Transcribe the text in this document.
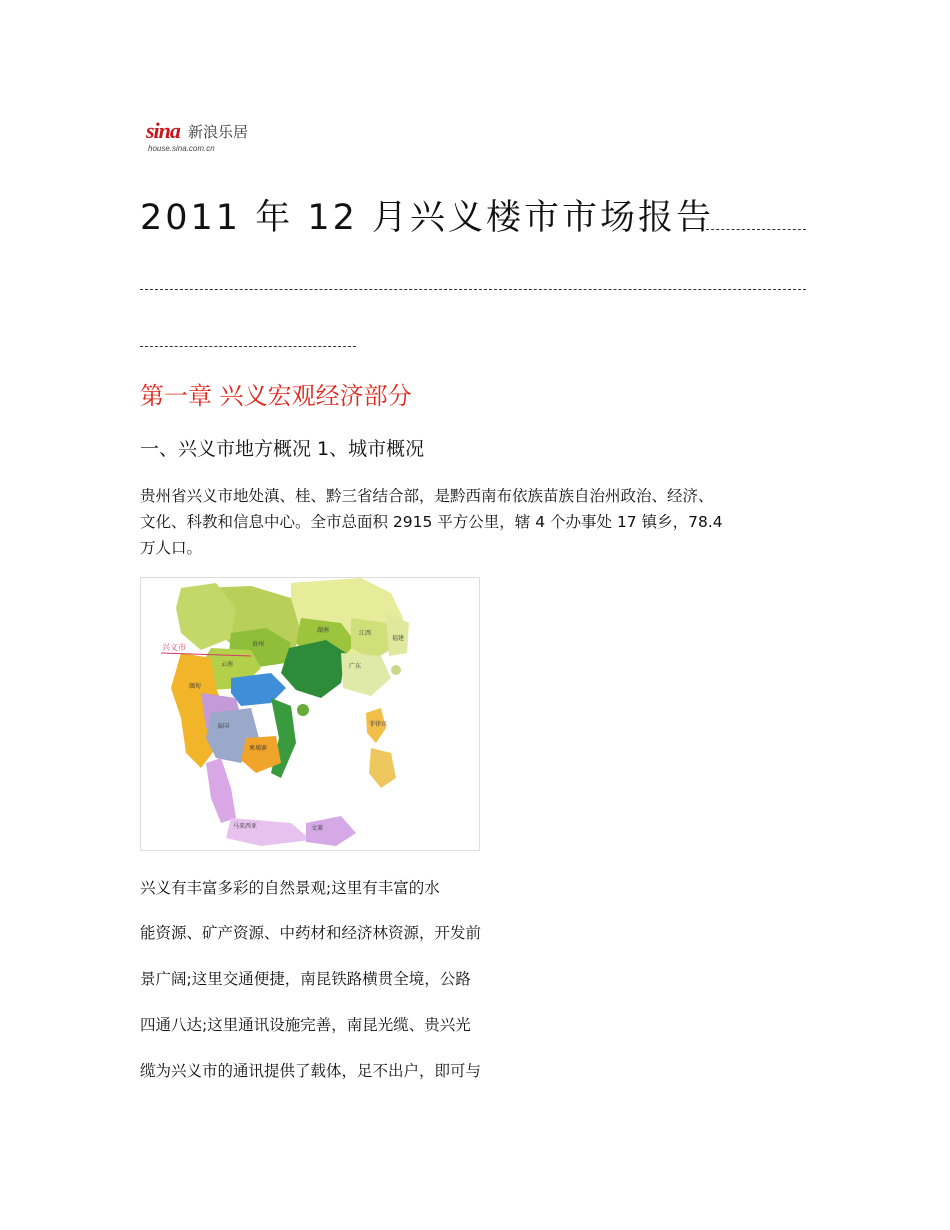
sina 新浪乐居
house.sina.com.cn
2011 年 12 月兴义楼市市场报告
第一章 兴义宏观经济部分
一、兴义市地方概况 1、城市概况
贵州省兴义市地处滇、桂、黔三省结合部，是黔西南布依族苗族自治州政治、经济、
文化、科教和信息中心。全市总面积 2915 平方公里，辖 4 个办事处 17 镇乡，78.4
万人口。
湖南	江西
福建
贵州
云南	广东
缅甸
泰国
柬埔寨
菲律宾
马来西亚	文莱
兴义市
兴义有丰富多彩的自然景观;这里有丰富的水
能资源、矿产资源、中药材和经济林资源，开发前
景广阔;这里交通便捷，南昆铁路横贯全境，公路
四通八达;这里通讯设施完善，南昆光缆、贵兴光
缆为兴义市的通讯提供了载体，足不出户，即可与
